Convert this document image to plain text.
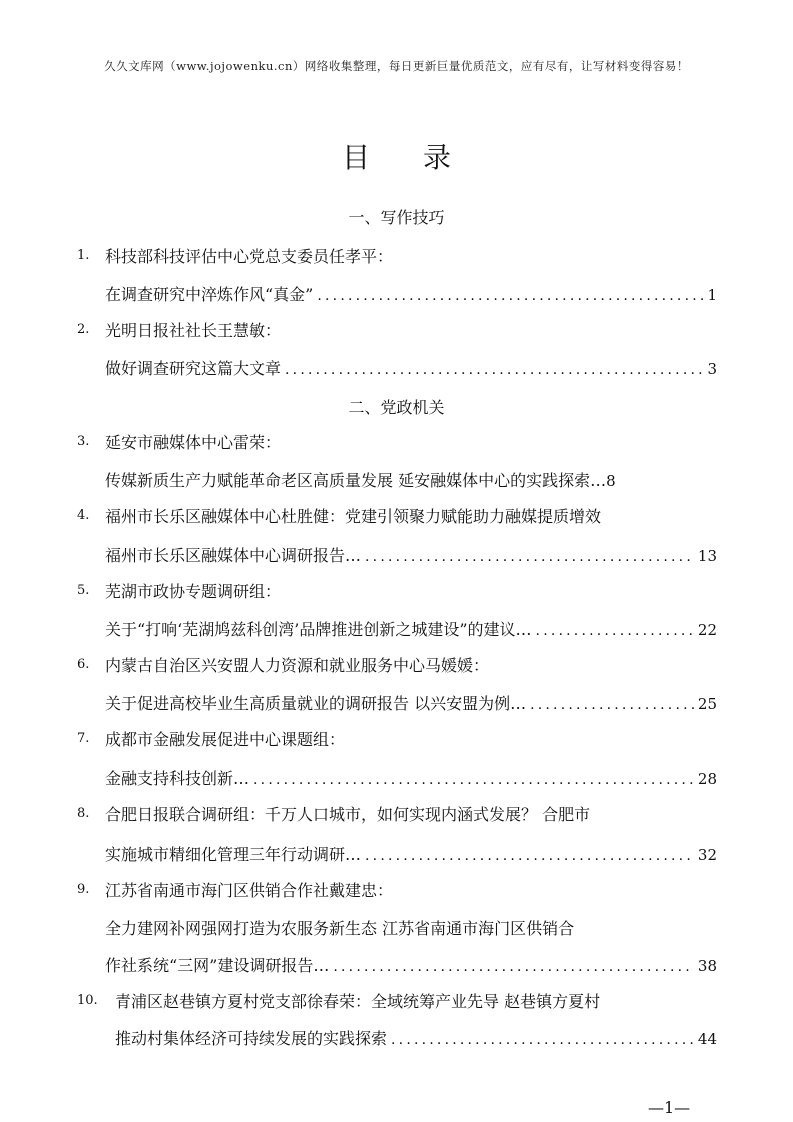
久久文库网（www.jojowenku.cn）网络收集整理，每日更新巨量优质范文，应有尽有，让写材料变得容易！
目 录
一、写作技巧
1. 科技部科技评估中心党总支委员任孝平：
在调查研究中淬炼作风“真金” .....	1
2. 光明日报社社长王慧敏：
做好调查研究这篇大文章 .....	3
二、党政机关
3. 延安市融媒体中心雷荣：
传媒新质生产力赋能革命老区高质量发展 延安融媒体中心的实践探索… 8
4. 福州市长乐区融媒体中心杜胜健：党建引领聚力赋能助力融媒提质增效
福州市长乐区融媒体中心调研报告… .....	13
5. 芜湖市政协专题调研组：
关于“打响‘芜湖鸠兹科创湾’品牌推进创新之城建设”的建议… .....	22
6. 内蒙古自治区兴安盟人力资源和就业服务中心马媛媛：
关于促进高校毕业生高质量就业的调研报告 以兴安盟为例… .....	25
7. 成都市金融发展促进中心课题组：
金融支持科技创新… .....	28
8. 合肥日报联合调研组：千万人口城市，如何实现内涵式发展？ 合肥市
实施城市精细化管理三年行动调研… .....	32
9. 江苏省南通市海门区供销合作社戴建忠：
全力建网补网强网打造为农服务新生态 江苏省南通市海门区供销合
作社系统“三网”建设调研报告… .....	38
10. 青浦区赵巷镇方夏村党支部徐春荣：全域统筹产业先导 赵巷镇方夏村
推动村集体经济可持续发展的实践探索 .....	44
—1—
